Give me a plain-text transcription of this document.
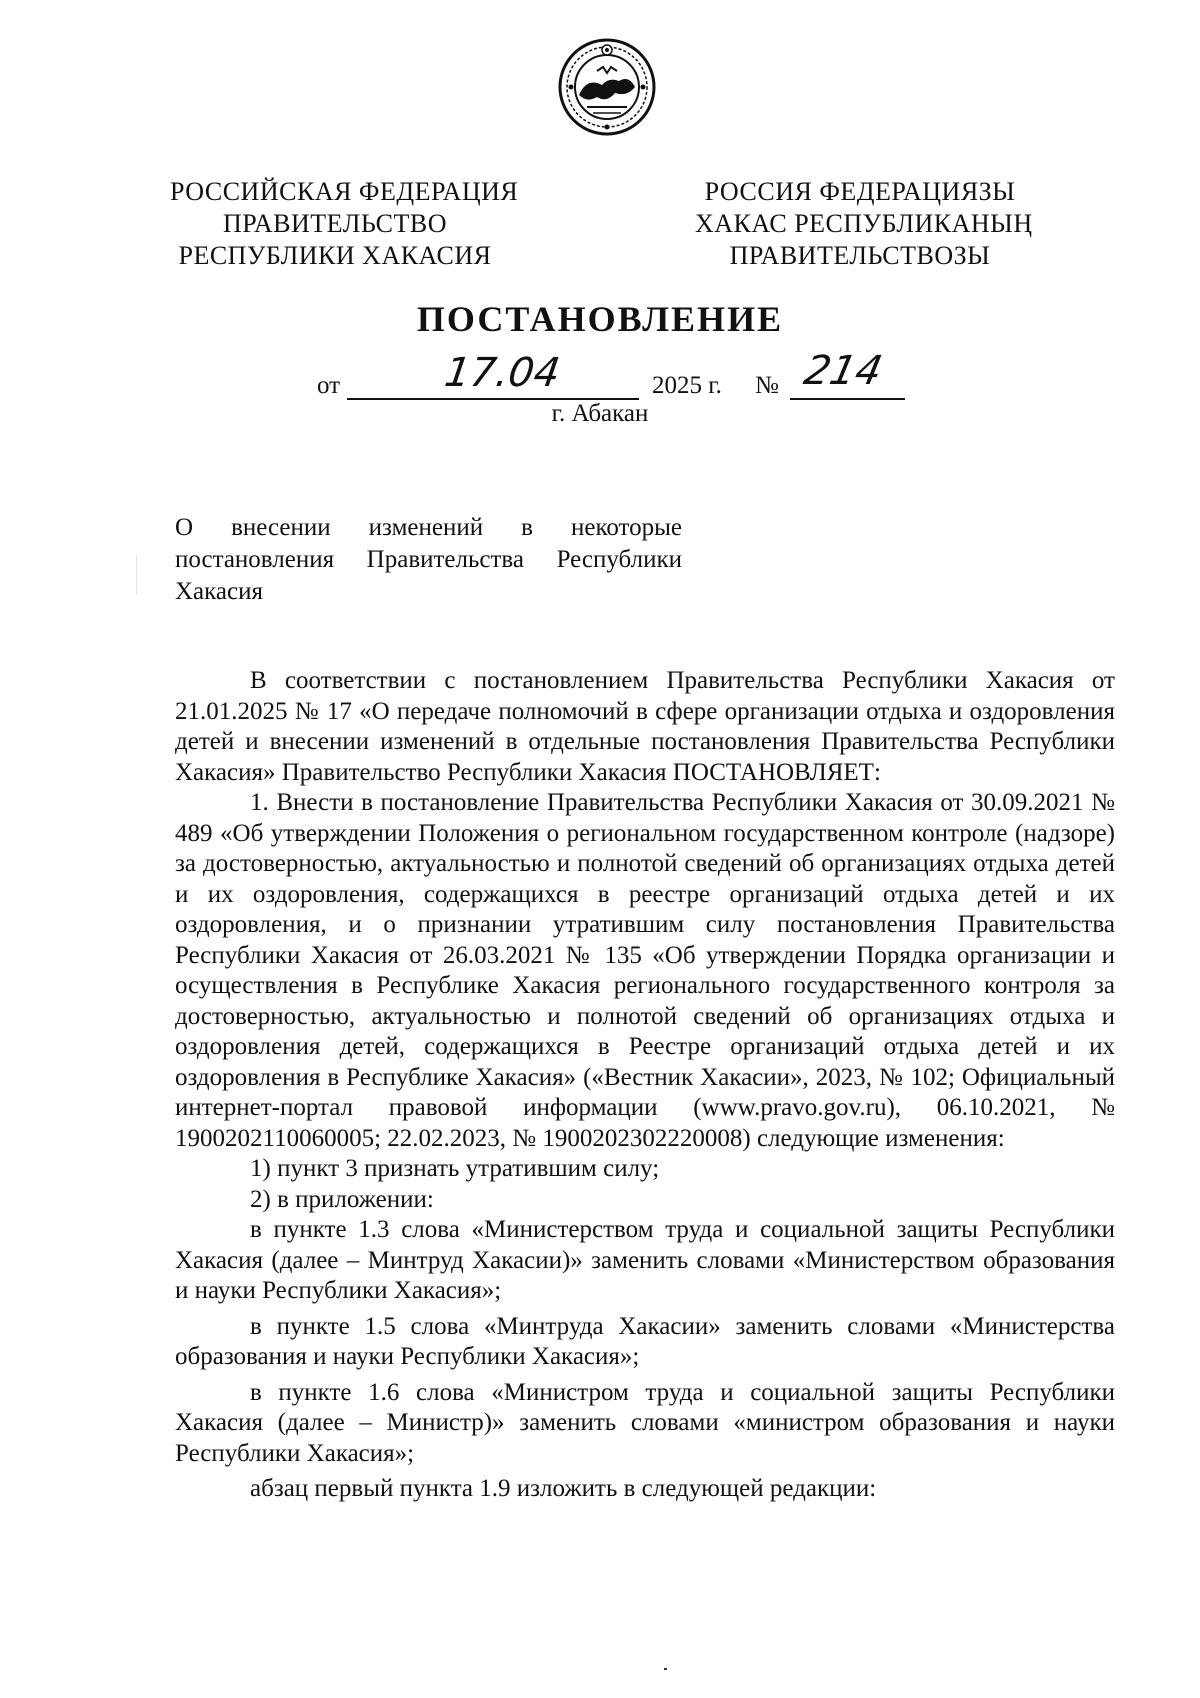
РОССИЙСКАЯ ФЕДЕРАЦИЯ
ПРАВИТЕЛЬСТВО
РЕСПУБЛИКИ ХАКАСИЯ
РОССИЯ ФЕДЕРАЦИЯЗЫ
ХАКАС РЕСПУБЛИКАНЫҢ
ПРАВИТЕЛЬСТВОЗЫ
ПОСТАНОВЛЕНИЕ
от	17.04	2025 г. № 214
г. Абакан
О внесении изменений в некоторые
постановления Правительства Республики
Хакасия

В соответствии с постановлением Правительства Республики Хакасия от 21.01.2025 № 17 «О передаче полномочий в сфере организации отдыха и оздоровления детей и внесении изменений в отдельные постановления Правительства Республики Хакасия» Правительство Республики Хакасия ПОСТАНОВЛЯЕТ:

1. Внести в постановление Правительства Республики Хакасия от 30.09.2021 № 489 «Об утверждении Положения о региональном государственном контроле (надзоре) за достоверностью, актуальностью и полнотой сведений об организациях отдыха детей и их оздоровления, содержащихся в реестре организаций отдыха детей и их оздоровления, и о признании утратившим силу постановления Правительства Республики Хакасия от 26.03.2021 № 135 «Об утверждении Порядка организации и осуществления в Республике Хакасия регионального государственного контроля за достоверностью, актуальностью и полнотой сведений об организациях отдыха и оздоровления детей, содержащихся в Реестре организаций отдыха детей и их оздоровления в Республике Хакасия» («Вестник Хакасии», 2023, № 102; Официальный интернет-портал правовой информации (www.pravo.gov.ru), 06.10.2021, № 1900202110060005; 22.02.2023, № 1900202302220008) следующие изменения:

1) пункт 3 признать утратившим силу;

2) в приложении:

в пункте 1.3 слова «Министерством труда и социальной защиты Республики Хакасия (далее – Минтруд Хакасии)» заменить словами «Министерством образования и науки Республики Хакасия»;

в пункте 1.5 слова «Минтруда Хакасии» заменить словами «Министерства образования и науки Республики Хакасия»;

в пункте 1.6 слова «Министром труда и социальной защиты Республики Хакасия (далее – Министр)» заменить словами «министром образования и науки Республики Хакасия»;

абзац первый пункта 1.9 изложить в следующей редакции:
